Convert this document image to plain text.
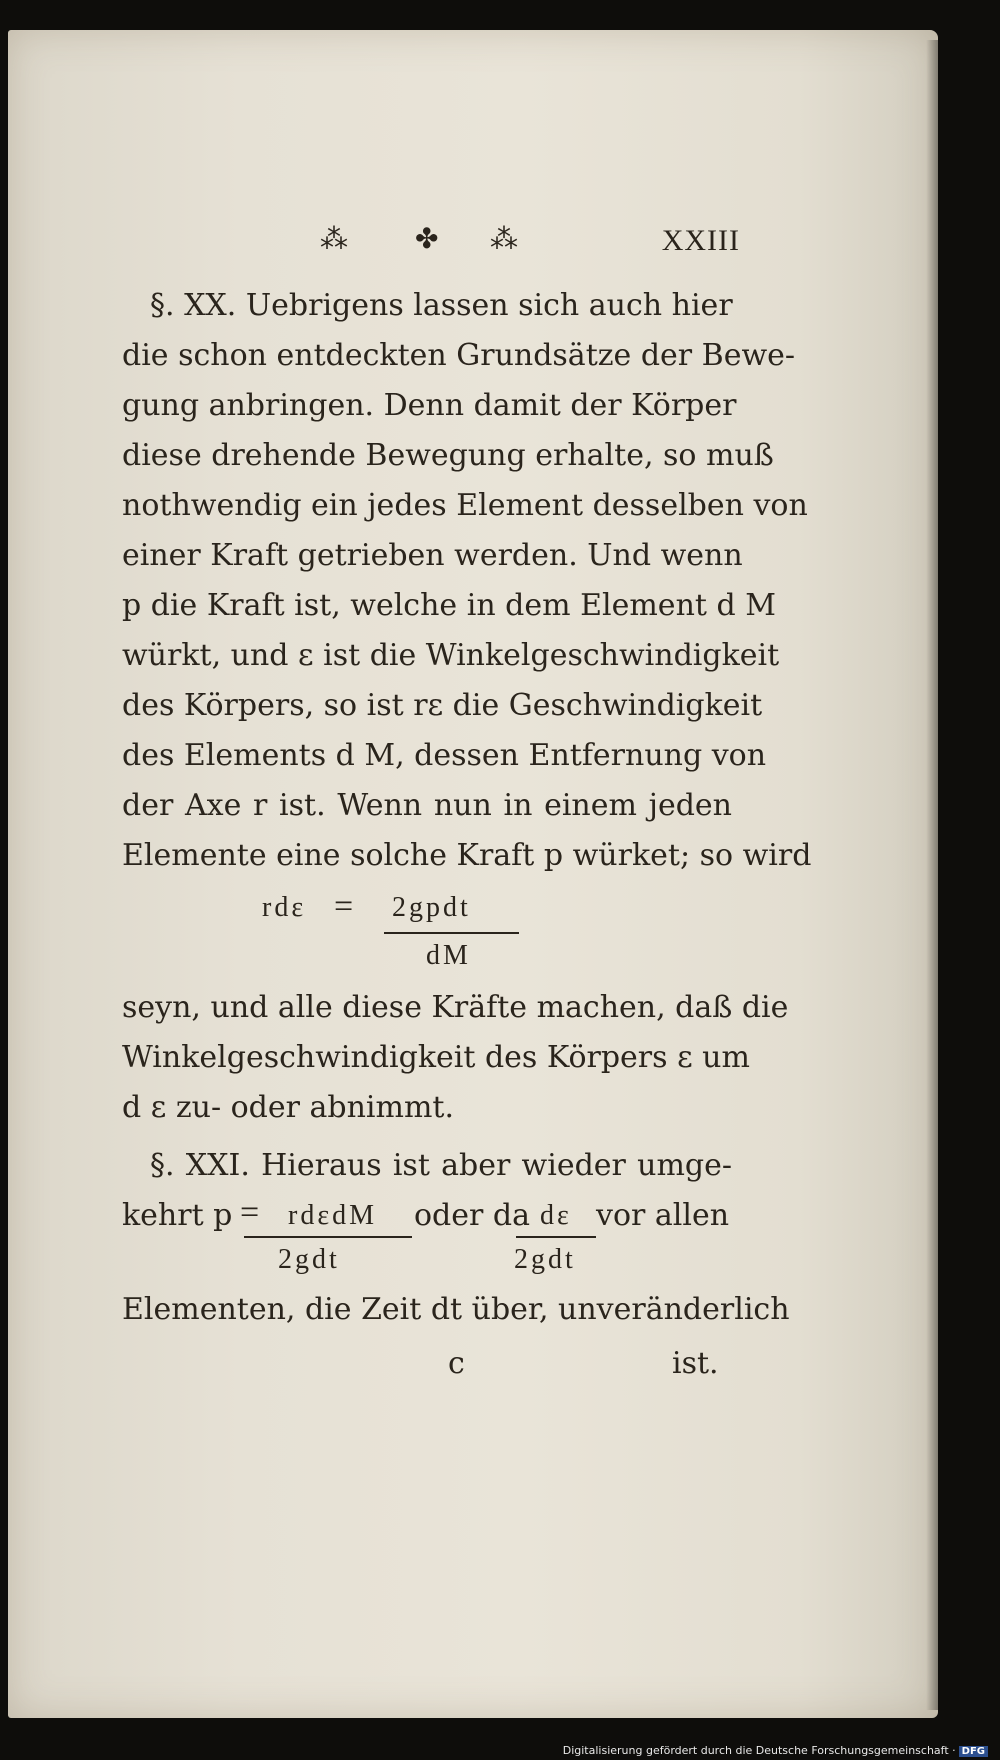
⁂ ✤ ⁂	XXIII
§. XX. Uebrigens lassen sich auch hier
die schon entdeckten Grundsätze der Bewe-
gung anbringen. Denn damit der Körper
diese drehende Bewegung erhalte, so muß
nothwendig ein jedes Element desselben von
einer Kraft getrieben werden. Und wenn
p die Kraft ist, welche in dem Element d M
würkt, und ε ist die Winkelgeschwindigkeit
des Körpers, so ist rε die Geschwindigkeit
des Elements d M, dessen Entfernung von
der Axe r ist. Wenn nun in einem jeden
Elemente eine solche Kraft p würket; so wird
rdε = 2gpdt
dM
seyn, und alle diese Kräfte machen, daß die
Winkelgeschwindigkeit des Körpers ε um
d ε zu- oder abnimmt.
§. XXI. Hieraus ist aber wieder umge-
kehrt p = rdεdM oder da dε vor allen
2gdt	2gdt
Elementen, die Zeit dt über, unveränderlich
c	ist.
Digitalisierung gefördert durch die Deutsche Forschungsgemeinschaft · DFG
